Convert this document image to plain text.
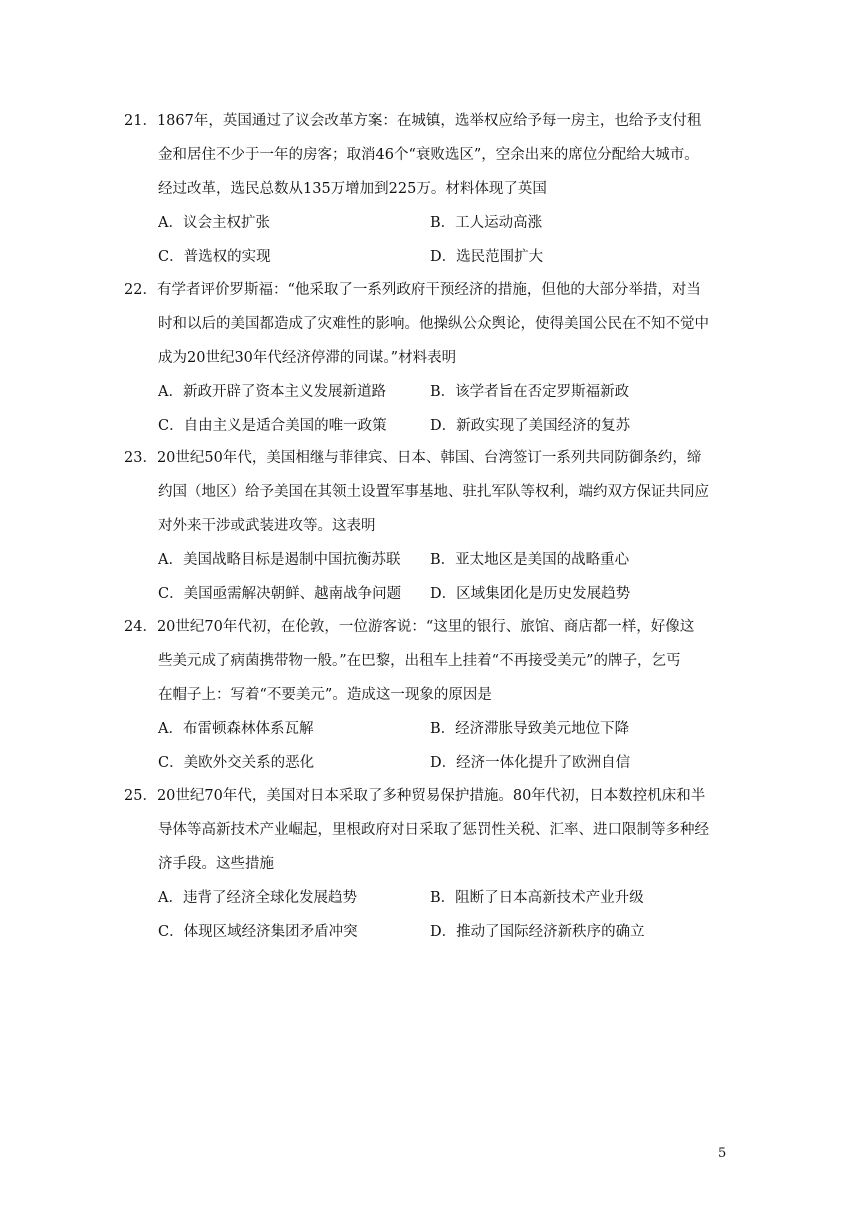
21．1867年，英国通过了议会改革方案：在城镇，选举权应给予每一房主，也给予支付租
金和居住不少于一年的房客；取消46个“衰败选区”，空余出来的席位分配给大城市。
经过改革，选民总数从135万增加到225万。材料体现了英国
A．议会主权扩张	B．工人运动高涨
C．普选权的实现	D．选民范围扩大
22．有学者评价罗斯福：“他采取了一系列政府干预经济的措施，但他的大部分举措，对当
时和以后的美国都造成了灾难性的影响。他操纵公众舆论，使得美国公民在不知不觉中
成为20世纪30年代经济停滞的同谋。”材料表明
A．新政开辟了资本主义发展新道路	B．该学者旨在否定罗斯福新政
C．自由主义是适合美国的唯一政策	D．新政实现了美国经济的复苏
23．20世纪50年代，美国相继与菲律宾、日本、韩国、台湾签订一系列共同防御条约，缔
约国（地区）给予美国在其领土设置军事基地、驻扎军队等权利，端约双方保证共同应
对外来干涉或武装进攻等。这表明
A．美国战略目标是遏制中国抗衡苏联 B．亚太地区是美国的战略重心
C．美国亟需解决朝鲜、越南战争问题 D．区域集团化是历史发展趋势
24．20世纪70年代初，在伦敦，一位游客说：“这里的银行、旅馆、商店都一样，好像这
些美元成了病菌携带物一般。”在巴黎，出租车上挂着“不再接受美元”的牌子，乞丐
在帽子上：写着“不要美元”。造成这一现象的原因是
A．布雷顿森林体系瓦解	B．经济滞胀导致美元地位下降
C．美欧外交关系的恶化	D．经济一体化提升了欧洲自信
25．20世纪70年代，美国对日本采取了多种贸易保护措施。80年代初，日本数控机床和半
导体等高新技术产业崛起，里根政府对日采取了惩罚性关税、汇率、进口限制等多种经
济手段。这些措施
A．违背了经济全球化发展趋势	B．阻断了日本高新技术产业升级
C．体现区域经济集团矛盾冲突	D．推动了国际经济新秩序的确立
5
